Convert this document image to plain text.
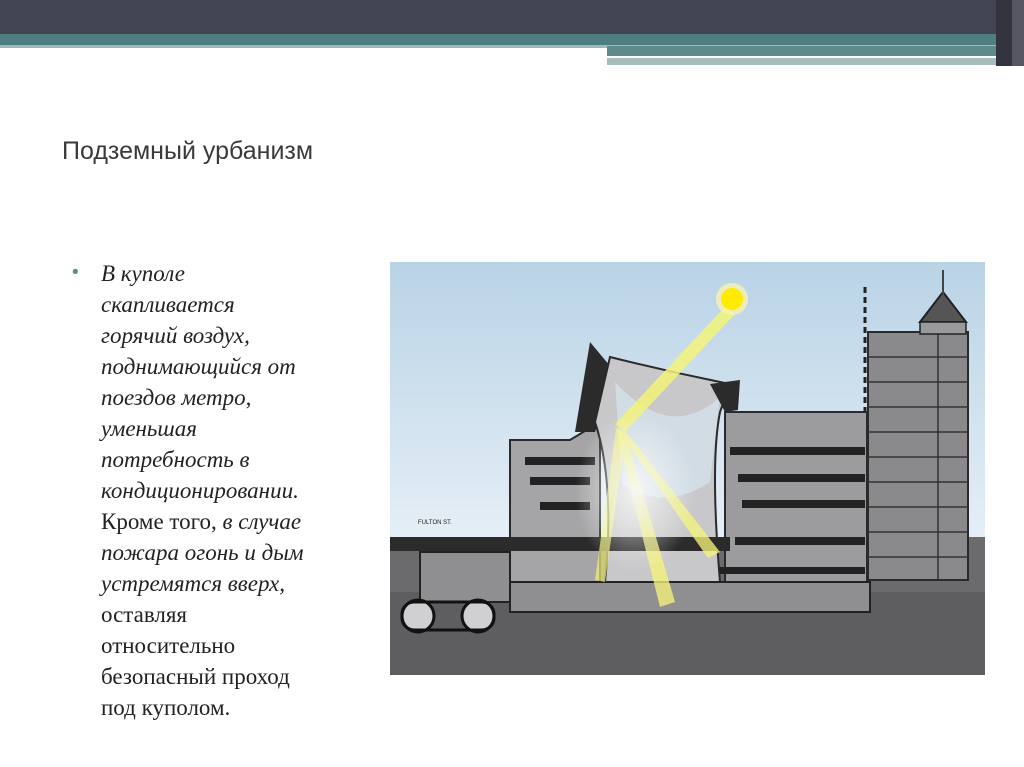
Подземный урбанизм
• В куполе
скапливается
горячий воздух,
поднимающийся от
поездов метро,
уменьшая
потребность в
кондиционировании.
Кроме того, в случае
пожара огонь и дым
устремятся вверх,
оставляя
относительно
безопасный проход
под куполом.
FULTON ST.
